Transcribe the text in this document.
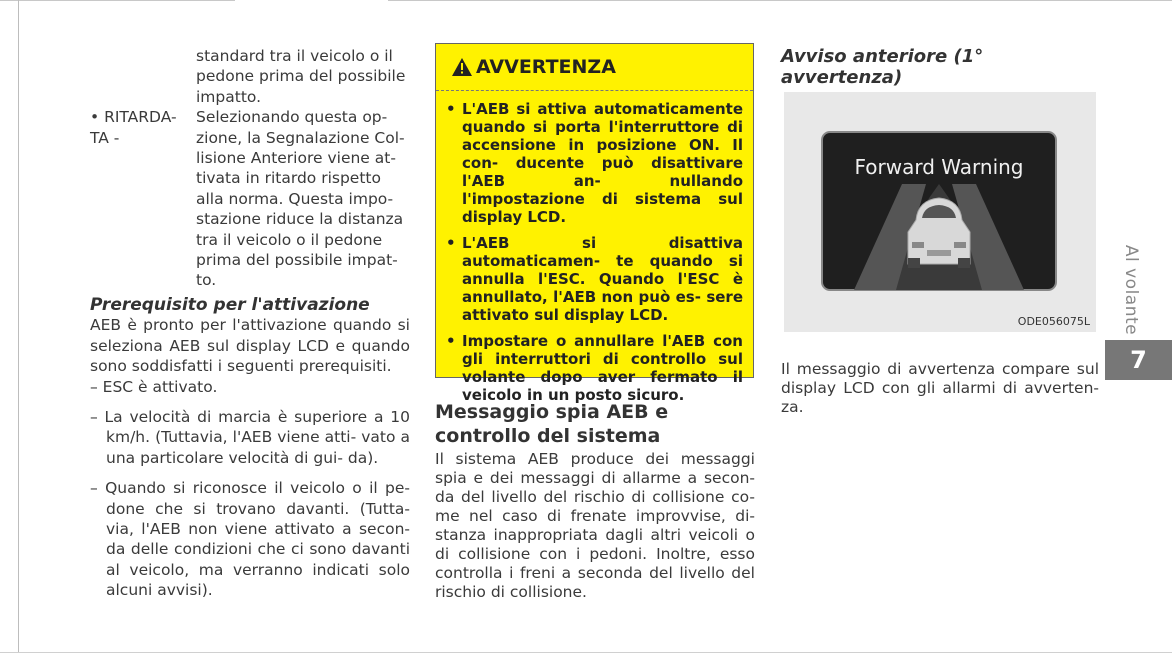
standard tra il veicolo o il
pedone prima del possibile
impatto.
• RITARDA-
TA -
Selezionando questa op-
zione, la Segnalazione Col-
lisione Anteriore viene at-
tivata in ritardo rispetto
alla norma. Questa impo-
stazione riduce la distanza
tra il veicolo o il pedone
prima del possibile impat-
to.
Prerequisito per l'attivazione
AEB è pronto per l'attivazione quando si seleziona AEB sul display LCD e quando sono soddisfatti i seguenti prerequisiti.
– ESC è attivato.
– La velocità di marcia è superiore a 10 km/h. (Tuttavia, l'AEB viene atti- vato a una particolare velocità di gui- da).
– Quando si riconosce il veicolo o il pe- done che si trovano davanti. (Tutta- via, l'AEB non viene attivato a secon- da delle condizioni che ci sono davanti al veicolo, ma verranno indicati solo alcuni avvisi).
AVVERTENZA
• L'AEB si attiva automaticamente quando si porta l'interruttore di accensione in posizione ON. Il con- ducente può disattivare l'AEB an- nullando l'impostazione di sistema sul display LCD.
• L'AEB si disattiva automaticamen- te quando si annulla l'ESC. Quando l'ESC è annullato, l'AEB non può es- sere attivato sul display LCD.
• Impostare o annullare l'AEB con gli interruttori di controllo sul volante dopo aver fermato il veicolo in un posto sicuro.
Messaggio spia AEB e controllo del sistema
Il sistema AEB produce dei messaggi spia e dei messaggi di allarme a secon- da del livello del rischio di collisione co- me nel caso di frenate improvvise, di- stanza inappropriata dagli altri veicoli o di collisione con i pedoni. Inoltre, esso controlla i freni a seconda del livello del rischio di collisione.
Avviso anteriore (1° avvertenza)
Forward Warning
ODE056075L
Il messaggio di avvertenza compare sul display LCD con gli allarmi di avverten- za.
Al volante
7
